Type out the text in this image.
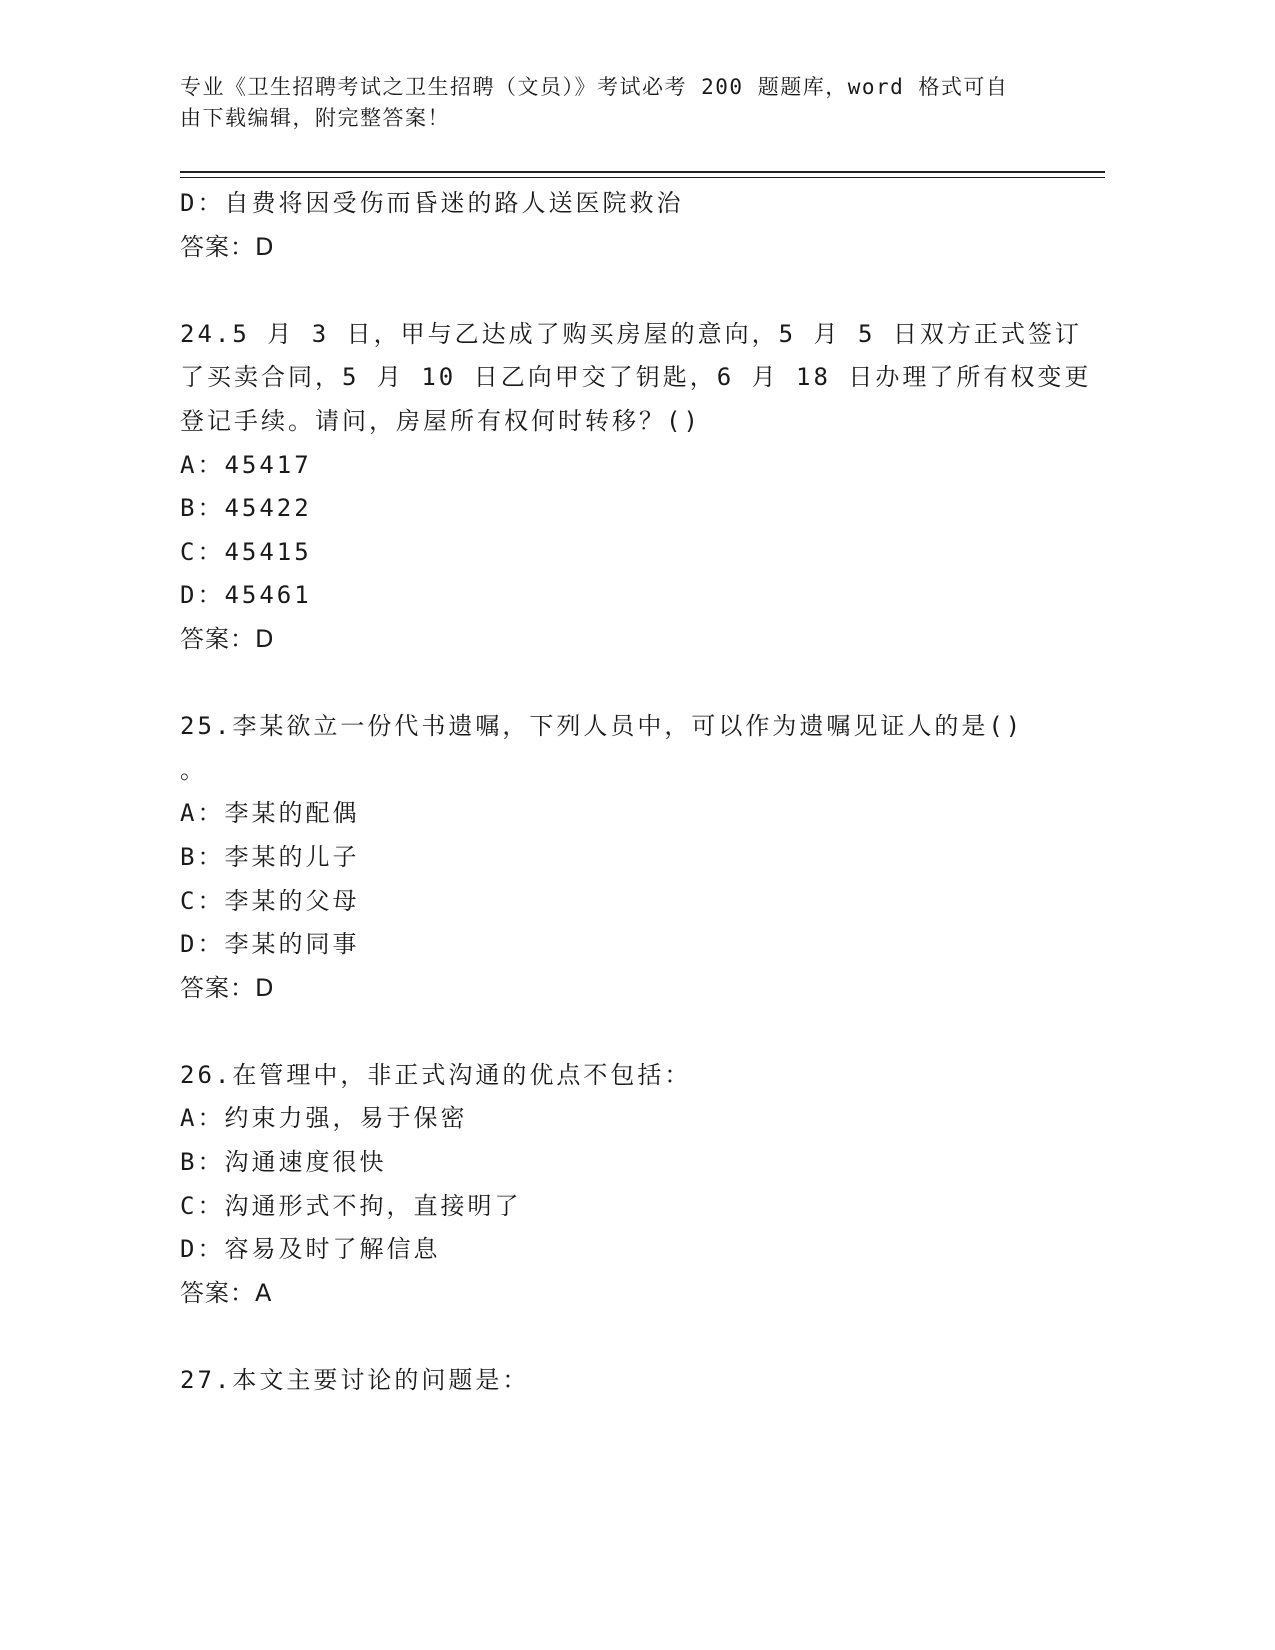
专业《卫生招聘考试之卫生招聘（文员）》考试必考 200 题题库，word 格式可自
由下载编辑，附完整答案！
D：自费将因受伤而昏迷的路人送医院救治
答案：D
24.5 月 3 日，甲与乙达成了购买房屋的意向，5 月 5 日双方正式签订
了买卖合同，5 月 10 日乙向甲交了钥匙，6 月 18 日办理了所有权变更
登记手续。请问，房屋所有权何时转移？()
A：45417
B：45422
C：45415
D：45461
答案：D
25.李某欲立一份代书遗嘱，下列人员中，可以作为遗嘱见证人的是()
。
A：李某的配偶
B：李某的儿子
C：李某的父母
D：李某的同事
答案：D
26.在管理中，非正式沟通的优点不包括：
A：约束力强，易于保密
B：沟通速度很快
C：沟通形式不拘，直接明了
D：容易及时了解信息
答案：A
27.本文主要讨论的问题是：
